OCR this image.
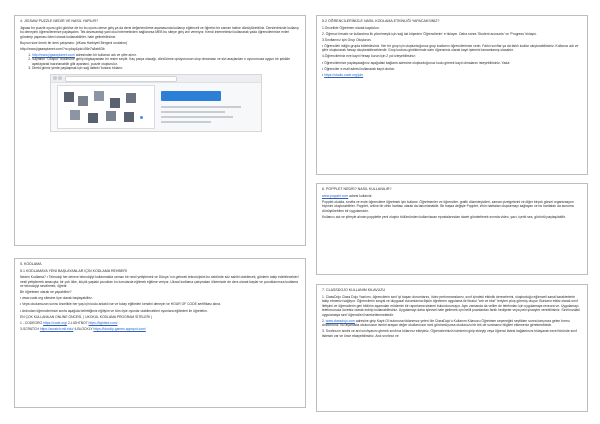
4. JİGSAW PUZZLE NEDİR VE NASIL YAPILIR?

Jigsaw bir puzzle oyunu gibi görülse de bu bu oyunu derse giriş ya da dersi değerlendirme aşamasında kullanıp eğlenceli ve öğretici bir zaman haline dönüştürebiliriz. Derslerimizde kullanıp bu deneyimi öğrencilerimize paylaşalım. Tek dezavantajı yani okul internetinden bağlanırsa MEB bu siteye giriş izni vermiyor. Kendi internetimizi kullanarak yada öğrencilerimize evleri gönderip yapması ödevi olarak kullanabilirler, hale getirebilirsiniz.

Buyrun size örnek bir ders çalışması: (#Kara Harbiyeli Bergeni unutalım)

http://www.jigsawplanet.com/?rc=play&pid=08e7c8ab63b

1. http://www.jigsawplanet.com/ adresinden bir kullanıcı adı ve şifre alınır.
2. Sayfanın "Oluştur" bölümüne girilip bilgisayardan bir resim seçilir. Kaç parça olacağı, dönülürme opsiyonunun olup olmaması ve sizi araçlardan n oyunumuza uygun bir şekilde ayarlayarak hazırlanabilir gibi ayarlanıl, puzzle oluşturulur.
3. Direkt giriniz yerde paylaşmak için sağ üstteki 'butonu tıklanır.

5. KODLAMA

5.1 KODLAMAYA YENİ BAŞLAYANLAR İÇİN KODLAMA REHBERİ

Neden Kodlama? • Teknoloji her derece teknolojiyi kullanmakta uzman bir nesil yetiştirmek ve Dünya 'nın gelecek teknolojisini bu sektörde söz sahibi olabilecek, günlerin takip edebilecekleri nesil yetiştirmek amacıyla; bir çok ülke, küçük yaştaki çocukları bu konularda eğitmek eğitime veriyor. Ulusal kodlama çalışmaları ülkemizde de ders olarak başlar ve çocuklarımıza kodlama ve teknolojiyi sevdirmek, öğretir.

Bir öğretmen olarak ne yapabiliriz?

• www.code.org sitesine üye olarak başlayabiliriz.

• Veya okulumuzun sonra öncelikle her yaş için kodu anlatılı ise ve kolay eğitimleri kendini deneyin ve HOUR OF CODE sertifikası alına.

• Ardından öğrencilerimizi sınıfa aşağıda belirttiğimiz eğitiyim ve tüm öyle oyunlar olabilecekleri oyunlara eğitimleri ile öğretelim.

EN ÇOK KULLANILAN ONLİNE ÖNCESİ, ( UKOKUL KODLAMA PROGRAM SİTELERİ )

1 - CODEORG https://code.org/ 2-LIGHTBOT https://lightbot.com/

3-SCRATCH https://scratch.mit.edu/ 4-BLOCKLY https://blockly-games.appspot.com/

5.2 ÖĞRENCİLERİNİZLE NASIL KODLAMA ETKİNLİĞİ YAPACAKSINIZ?

1.Öncelikle Öğretmen olarak kaydolun.

2. Öğrenci hesabı ve kullanılma ilk yönelmeyik için sağ üst köşeden 'Öğrencilerim' e tıklayın. Daha sonra 'Student accounts' ve 'Progress' tıklayın.

3.Sınıflarınız için Grup Oluşturun.

• Öğrencileri istiğin grupla bölebilirsiniz. Her bir grup için oluşturduğunuz grup kodlarını öğrencilerinize verin. Farklı sınıflar ya da farklı kodlar oluşturabilirsiniz. Kullanıcı adı ve şifre oluşturarak hesap oluşturabileceklerdir. Grup kodunu girdiklerinde sizin öğrenciniz olarak kayıt işlemini tamamlamış olacaktır.

4.Öğrencileriniz eve kayıt Hesap kurun için 2 yol izleyebilirsiniz:

• Öğrencilerinize paylaşacağınız aşağıdaki bağlantı adresine oluşturduğunuz kodu girerek kayıt olmalarını isteyebilirsiniz. Yada:

• Öğrenciler e-mail adresi kullanarak kayıt olurlar.

• https://studio.code.org/join

6. POPPLET NEDİR? NASIL KULLANILIR?

www.popplet.com adresi kullanılır.

Popplet okulda, sınıfta ve evde öğrencilere öğretmek için kullanır. Öğretmenler ve öğrenciler, grafik düzenleyicileri, zaman çizelgelerini ve diğer birçok görsel organizasyon biçimini oluşturabilirler. Popplet, online bir zihin haritası olarak da tanımlanabilir. Bir başka değişle Popplet, zihin haritaları oluşturmayı sağlayan ve bu haritaları da sunuma dönüştürebilen bir uygulamadır.

Kullanıcı adı ve şifreyle alınan popplette yeni oluştur bölümünden kullanılacan epostalarından davet gönderilerek sınırda video, yazı, içerik ses, görüntü paylaşılabilir.

7. CLASSDOJO KULLANIM KILAVUZU

1. ClassDojo Class Dojo Yazılımı, öğrencilerin sınıf içi başarı durumlarını, ödev performanslarını, sınıf içindeki etkinlik derecelerini, oluşturduğu eğlenceli sanal karakterlerle takip etmenizi sağlıyor. Öğrencilerin sosyal ve duygusal durumlarına ilişkin öğretmen uygulama ile ilkokul "artı ve eksi" leriyleri çıkış görmüş oluyor. Bunların etkisi olarak sınıf iletişimi ve öğrencilerin geri bildirim aşamıdan müdemin bir raporlama sistemi bulundurunuyor. Aynı zamanda da veliler de telefonları için uygulamaya reveura ve. Uygulamayı telefonunuza ücretsiz olarak indirip kullanabilirsiniz. Uygulamayı daha işlevsel hale getirmek için bellli puanlardan farklı hediyeler veya peki şinaryler verebilirsiniz. Sınıfınızdaki uygulamaya sınıf öğrencileri hareketlenmektedir.

2. www.classdojo.com adresine girip Kayıt Ol butonuna tıklanmsız yeteri öle ClassDojo'u Kullanım Kılavuzu Öğretmen seçeneğini seçtikten sonra karşınıza gelen formu doldurunuz. Bu aşamada okulunuzun ismini arayan değer okullarınızın ismi görünmüyorsa okulunuzu bir tek de sunmanız bilgileri eklemeniz gerekmektedir.

3. Sınıfınızın ismini ve ard sınıfıyasını girerek sınıfınız tıklarınız ekleyiniz. Öğrencilerinizin isimlerini girip ekleyip veya öğrenci listesi bağlantısını tıklayarak excel türünde sınıf listesini var ve önce eklayebilirsiniz. Ardı sınıfınız ve
